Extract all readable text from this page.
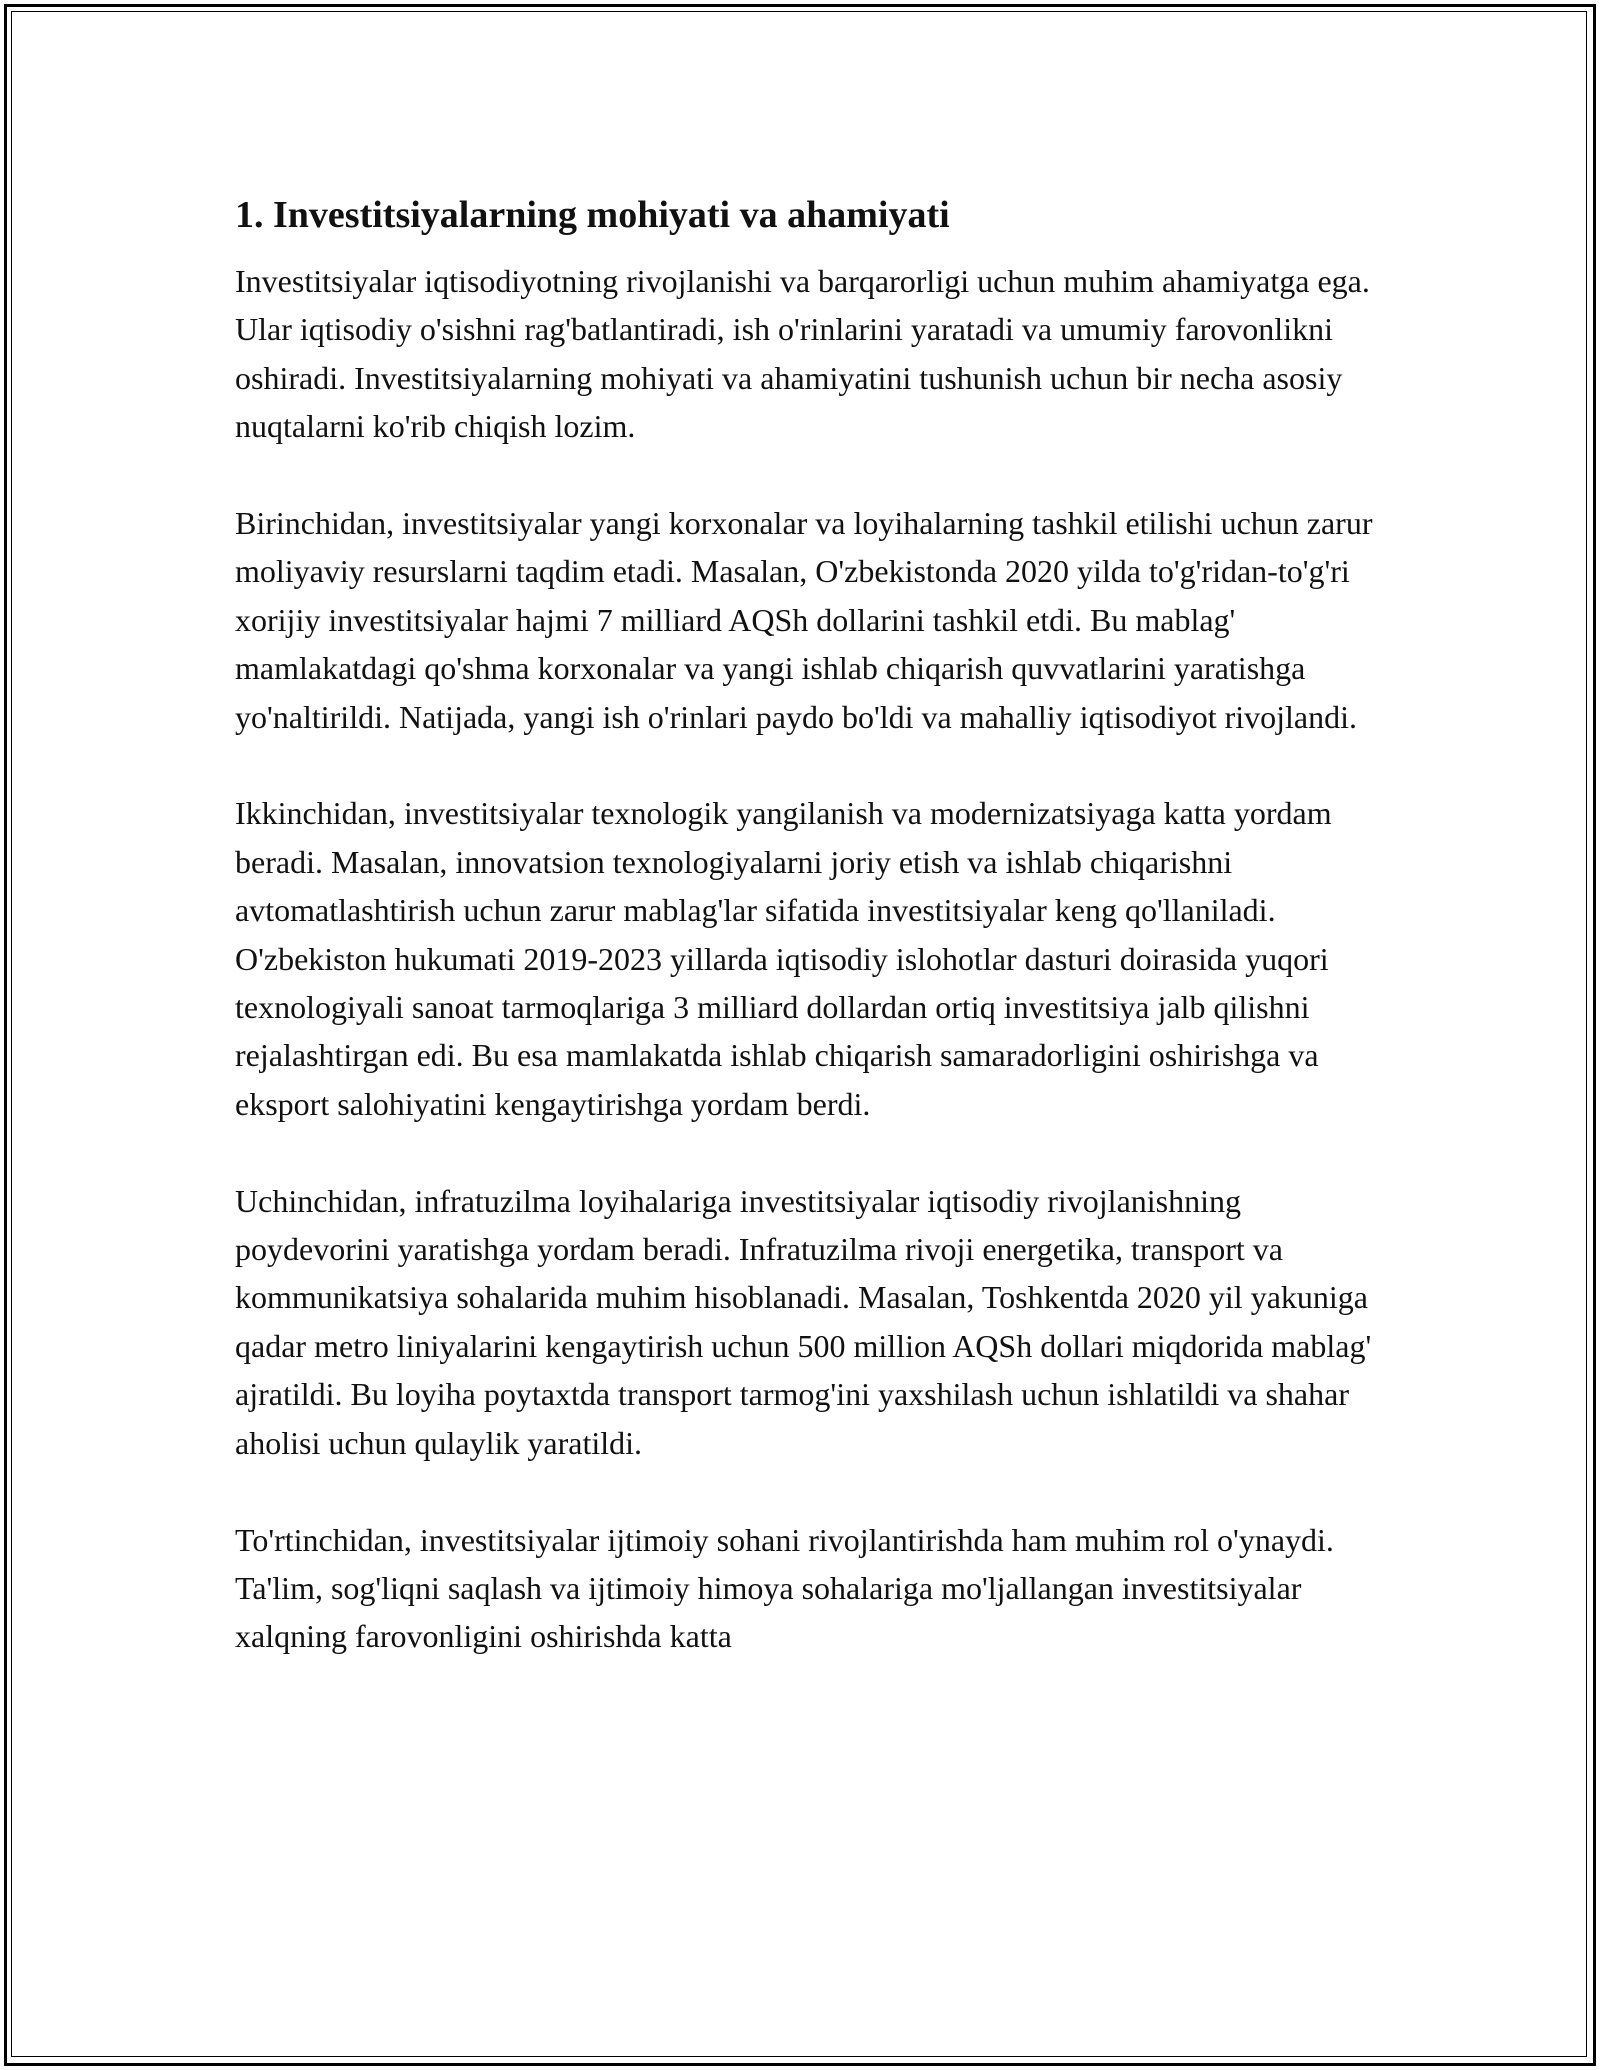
1. Investitsiyalarning mohiyati va ahamiyati

Investitsiyalar iqtisodiyotning rivojlanishi va barqarorligi uchun muhim ahamiyatga ega. Ular iqtisodiy o'sishni rag'batlantiradi, ish o'rinlarini yaratadi va umumiy farovonlikni oshiradi. Investitsiyalarning mohiyati va ahamiyatini tushunish uchun bir necha asosiy nuqtalarni ko'rib chiqish lozim.

Birinchidan, investitsiyalar yangi korxonalar va loyihalarning tashkil etilishi uchun zarur moliyaviy resurslarni taqdim etadi. Masalan, O'zbekistonda 2020 yilda to'g'ridan-to'g'ri xorijiy investitsiyalar hajmi 7 milliard AQSh dollarini tashkil etdi. Bu mablag' mamlakatdagi qo'shma korxonalar va yangi ishlab chiqarish quvvatlarini yaratishga yo'naltirildi. Natijada, yangi ish o'rinlari paydo bo'ldi va mahalliy iqtisodiyot rivojlandi.

Ikkinchidan, investitsiyalar texnologik yangilanish va modernizatsiyaga katta yordam beradi. Masalan, innovatsion texnologiyalarni joriy etish va ishlab chiqarishni avtomatlashtirish uchun zarur mablag'lar sifatida investitsiyalar keng qo'llaniladi. O'zbekiston hukumati 2019-2023 yillarda iqtisodiy islohotlar dasturi doirasida yuqori texnologiyali sanoat tarmoqlariga 3 milliard dollardan ortiq investitsiya jalb qilishni rejalashtirgan edi. Bu esa mamlakatda ishlab chiqarish samaradorligini oshirishga va eksport salohiyatini kengaytirishga yordam berdi.

Uchinchidan, infratuzilma loyihalariga investitsiyalar iqtisodiy rivojlanishning poydevorini yaratishga yordam beradi. Infratuzilma rivoji energetika, transport va kommunikatsiya sohalarida muhim hisoblanadi. Masalan, Toshkentda 2020 yil yakuniga qadar metro liniyalarini kengaytirish uchun 500 million AQSh dollari miqdorida mablag' ajratildi. Bu loyiha poytaxtda transport tarmog'ini yaxshilash uchun ishlatildi va shahar aholisi uchun qulaylik yaratildi.

To'rtinchidan, investitsiyalar ijtimoiy sohani rivojlantirishda ham muhim rol o'ynaydi. Ta'lim, sog'liqni saqlash va ijtimoiy himoya sohalariga mo'ljallangan investitsiyalar xalqning farovonligini oshirishda katta
